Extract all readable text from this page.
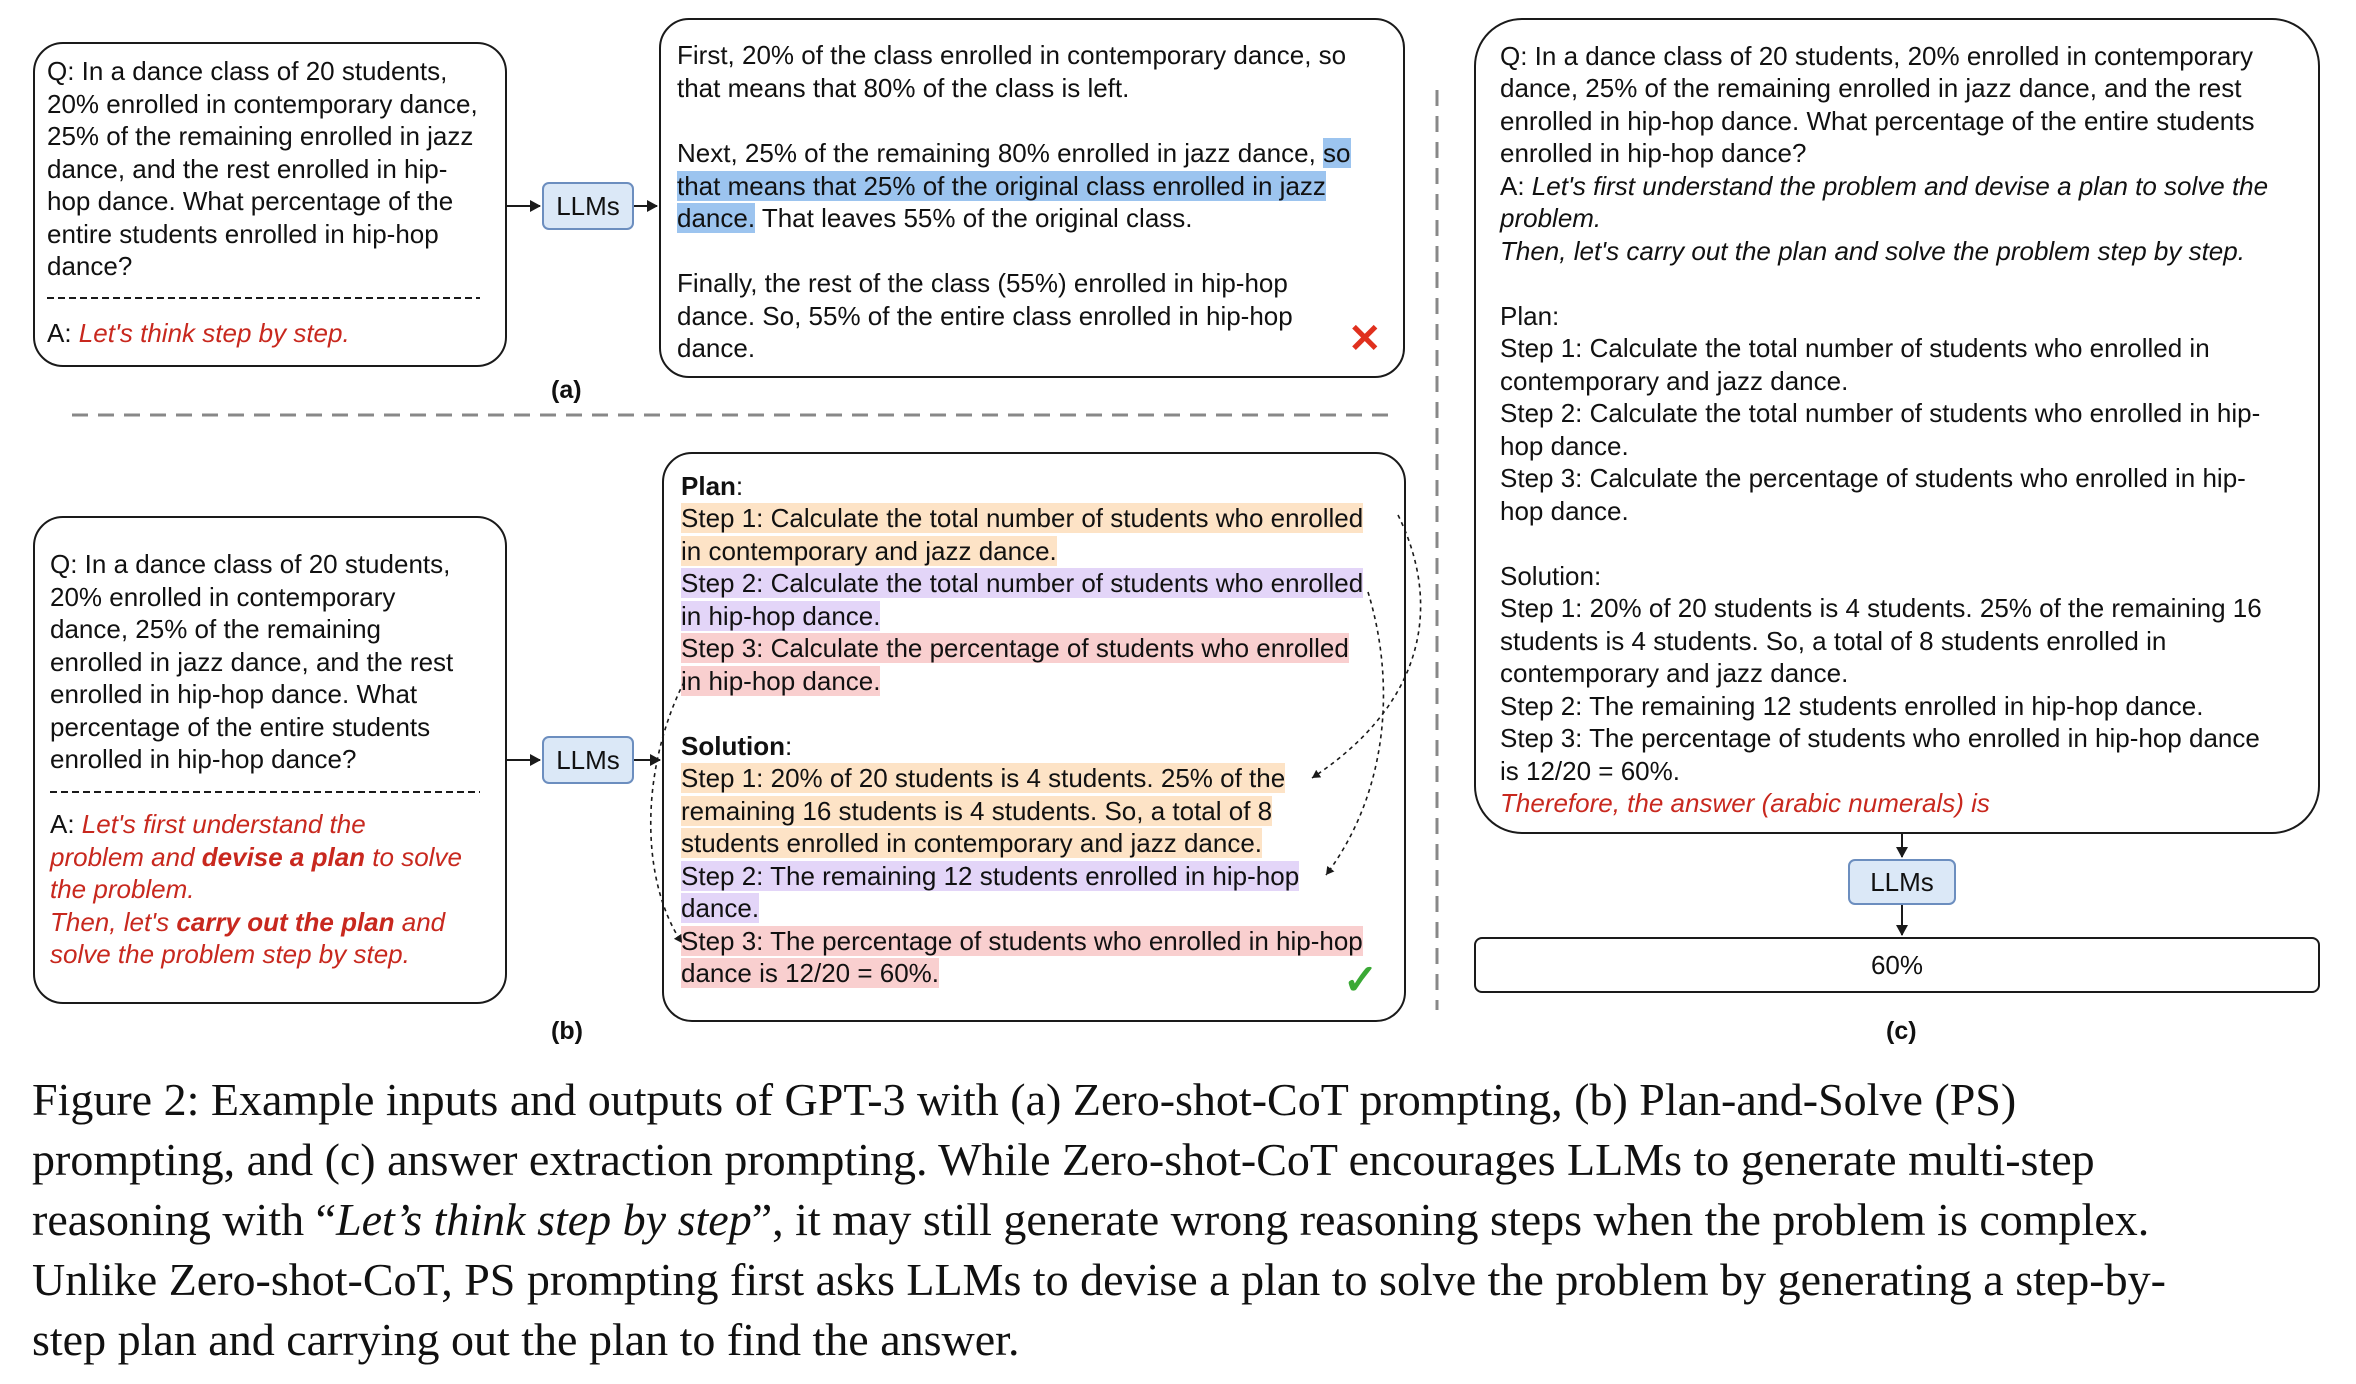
Q: In a dance class of 20 students,
20% enrolled in contemporary dance,
25% of the remaining enrolled in jazz
dance, and the rest enrolled in hip-
hop dance. What percentage of the
entire students enrolled in hip-hop
dance?
A: Let's think step by step.
LLMs
First, 20% of the class enrolled in contemporary dance, so
that means that 80% of the class is left.
Next, 25% of the remaining 80% enrolled in jazz dance, so
that means that 25% of the original class enrolled in jazz
dance. That leaves 55% of the original class.
Finally, the rest of the class (55%) enrolled in hip-hop
dance. So, 55% of the entire class enrolled in hip-hop
dance.	✕
(a)
Q: In a dance class of 20 students,
20% enrolled in contemporary
dance, 25% of the remaining
enrolled in jazz dance, and the rest
enrolled in hip-hop dance. What
percentage of the entire students
enrolled in hip-hop dance?
A: Let's first understand the
problem and devise a plan to solve
the problem.
Then, let's carry out the plan and
solve the problem step by step.
LLMs
Plan:
Step 1: Calculate the total number of students who enrolled
in contemporary and jazz dance.
Step 2: Calculate the total number of students who enrolled
in hip-hop dance.
Step 3: Calculate the percentage of students who enrolled
in hip-hop dance.
Solution:
Step 1: 20% of 20 students is 4 students. 25% of the
remaining 16 students is 4 students. So, a total of 8
students enrolled in contemporary and jazz dance.
Step 2: The remaining 12 students enrolled in hip-hop
dance.
Step 3: The percentage of students who enrolled in hip-hop
dance is 12/20 = 60%.	✓
(b)
Q: In a dance class of 20 students, 20% enrolled in contemporary
dance, 25% of the remaining enrolled in jazz dance, and the rest
enrolled in hip-hop dance. What percentage of the entire students
enrolled in hip-hop dance?
A: Let's first understand the problem and devise a plan to solve the
problem.
Then, let's carry out the plan and solve the problem step by step.
Plan:
Step 1: Calculate the total number of students who enrolled in
contemporary and jazz dance.
Step 2: Calculate the total number of students who enrolled in hip-
hop dance.
Step 3: Calculate the percentage of students who enrolled in hip-
hop dance.
Solution:
Step 1: 20% of 20 students is 4 students. 25% of the remaining 16
students is 4 students. So, a total of 8 students enrolled in
contemporary and jazz dance.
Step 2: The remaining 12 students enrolled in hip-hop dance.
Step 3: The percentage of students who enrolled in hip-hop dance
is 12/20 = 60%.
Therefore, the answer (arabic numerals) is
LLMs
60%
(c)
Figure 2: Example inputs and outputs of GPT-3 with (a) Zero-shot-CoT prompting, (b) Plan-and-Solve (PS)
prompting, and (c) answer extraction prompting. While Zero-shot-CoT encourages LLMs to generate multi-step
reasoning with “Let’s think step by step”, it may still generate wrong reasoning steps when the problem is complex.
Unlike Zero-shot-CoT, PS prompting first asks LLMs to devise a plan to solve the problem by generating a step-by-
step plan and carrying out the plan to find the answer.
